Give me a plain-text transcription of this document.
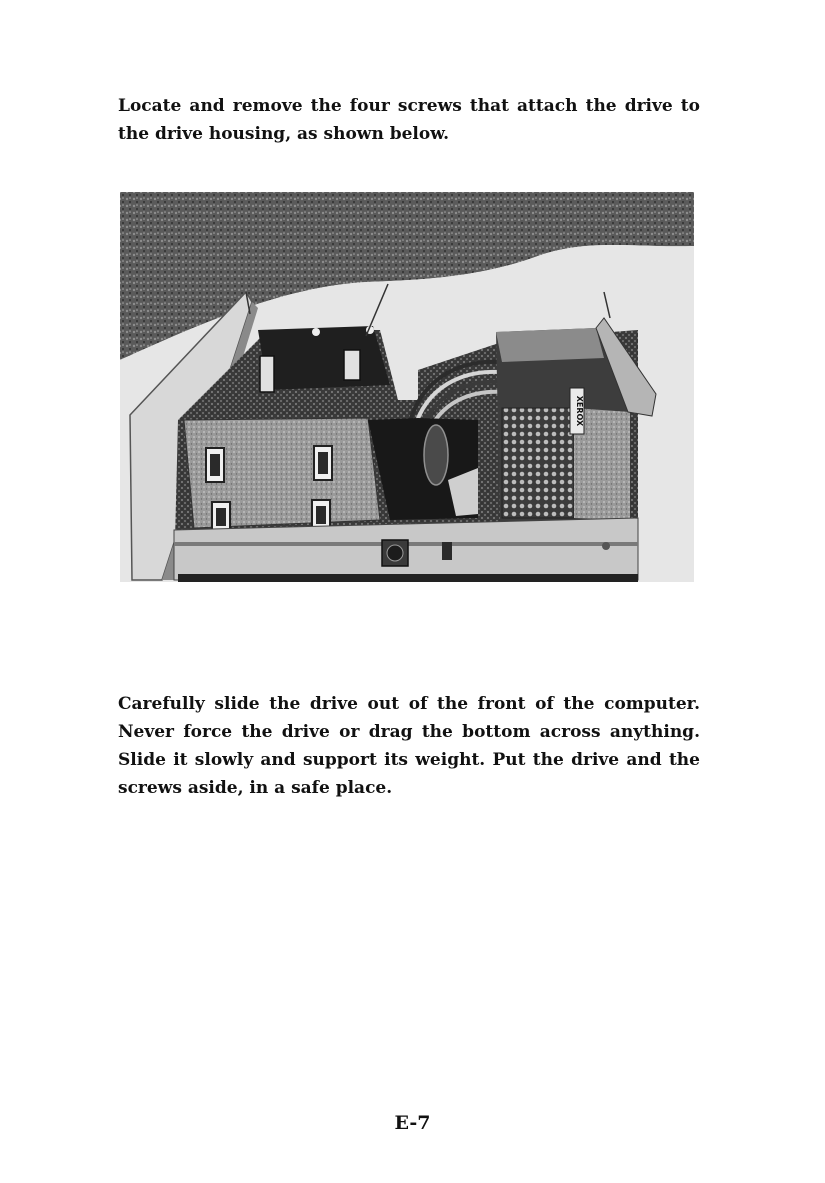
Locate and remove the four screws that attach the drive to the drive housing, as shown below.

XEROX

Carefully slide the drive out of the front of the computer. Never force the drive or drag the bottom across anything. Slide it slowly and support its weight. Put the drive and the screws aside, in a safe place.

E-7
